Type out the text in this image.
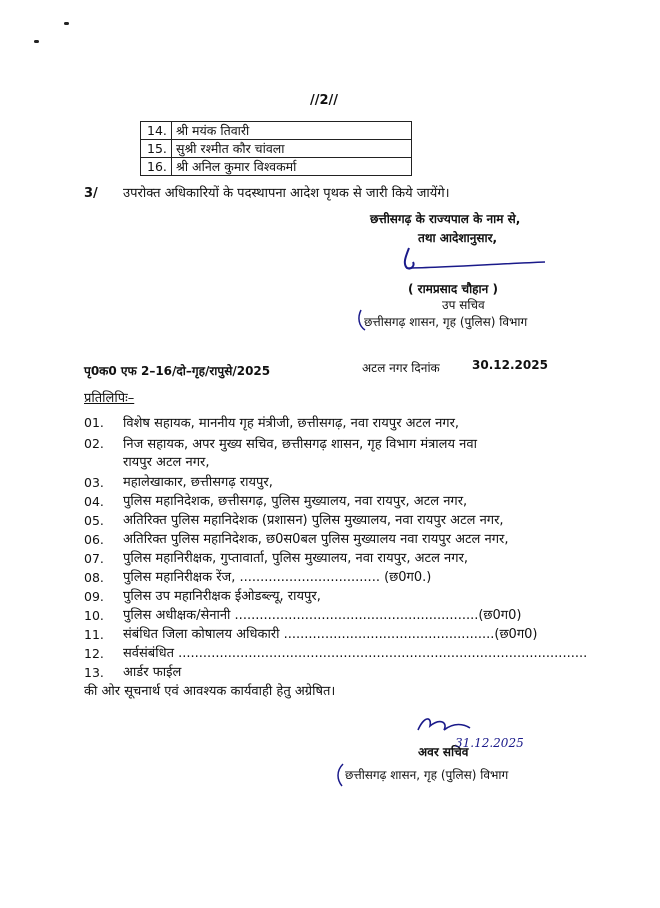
//2//
14.	श्री मयंक तिवारी
15.	सुश्री रश्मीत कौर चांवला
16.	श्री अनिल कुमार विश्वकर्मा
3/ उपरोक्त अधिकारियों के पदस्थापना आदेश पृथक से जारी किये जायेंगे।
छत्तीसगढ़ के राज्यपाल के नाम से,
तथा आदेशानुसार,
( रामप्रसाद चौहान )
उप सचिव
छत्तीसगढ़ शासन, गृह (पुलिस) विभाग
पृ0क0 एफ 2–16/दो–गृह/रापुसे/2025	अटल नगर दिनांक	30.12.2025
प्रतिलिपिः–
01. विशेष सहायक, माननीय गृह मंत्रीजी, छत्तीसगढ़, नवा रायपुर अटल नगर,
02. निज सहायक, अपर मुख्य सचिव, छत्तीसगढ़ शासन, गृह विभाग मंत्रालय नवा
रायपुर अटल नगर,
03. महालेखाकार, छत्तीसगढ़ रायपुर,
04. पुलिस महानिदेशक, छत्तीसगढ़, पुलिस मुख्यालय, नवा रायपुर, अटल नगर,
05. अतिरिक्त पुलिस महानिदेशक (प्रशासन) पुलिस मुख्यालय, नवा रायपुर अटल नगर,
06. अतिरिक्त पुलिस महानिदेशक, छ0स0बल पुलिस मुख्यालय नवा रायपुर अटल नगर,
07. पुलिस महानिरीक्षक, गुप्तावार्ता, पुलिस मुख्यालय, नवा रायपुर, अटल नगर,
08. पुलिस महानिरीक्षक रेंज, .................................. (छ0ग0.)
09. पुलिस उप महानिरीक्षक ईओडब्ल्यू, रायपुर,
10. पुलिस अधीक्षक/सेनानी ...........................................................(छ0ग0)
11. संबंधित जिला कोषालय अधिकारी ...................................................(छ0ग0)
12. सर्वसंबंधित ...................................................................................................
13. आर्डर फाईल
की ओर सूचनार्थ एवं आवश्यक कार्यवाही हेतु अग्रेषित।
अवर सचिव
31.12.2025
छत्तीसगढ़ शासन, गृह (पुलिस) विभाग
